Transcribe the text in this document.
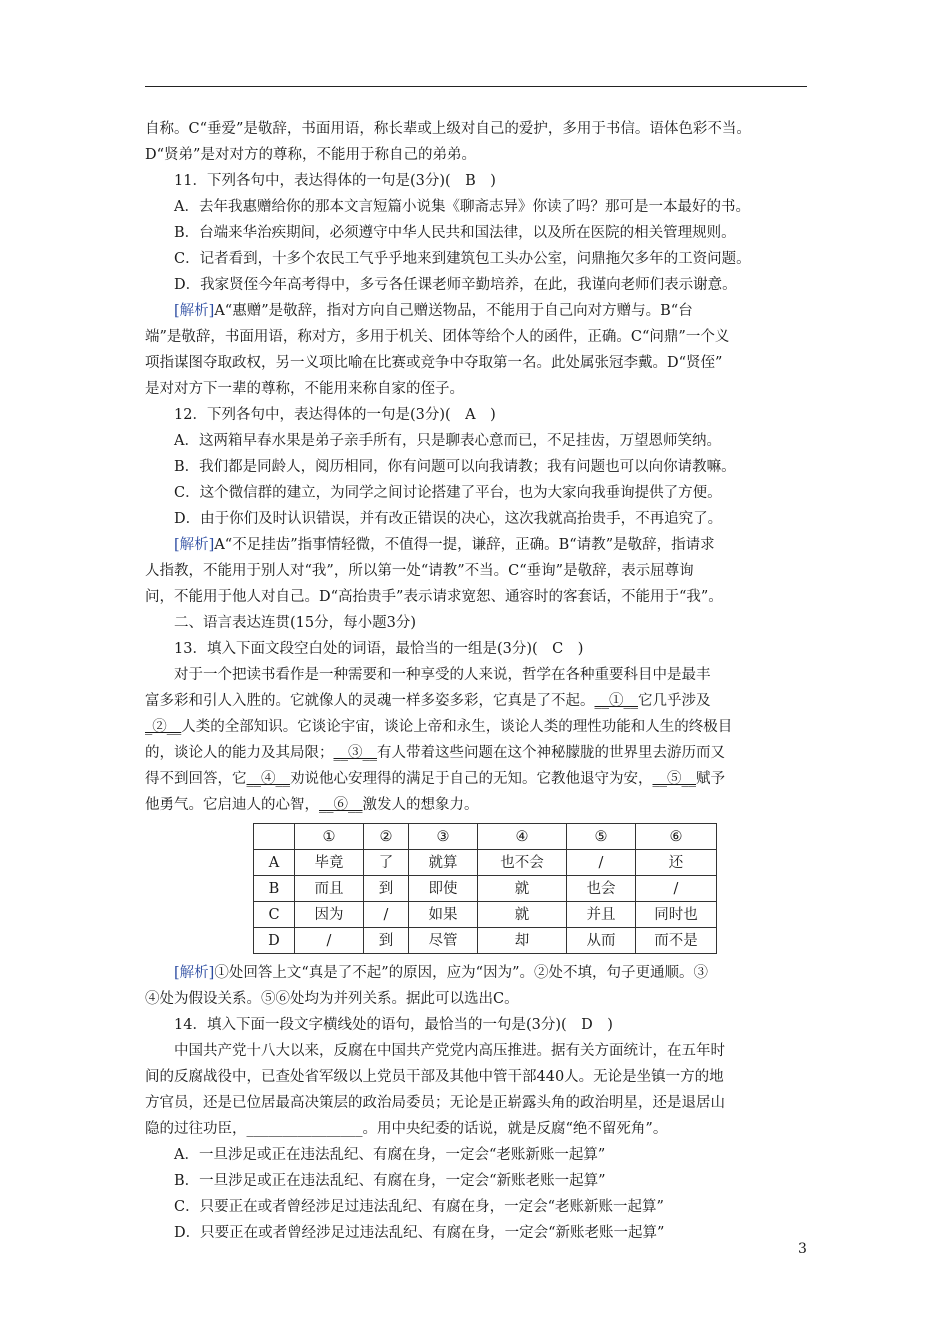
自称。C“垂爱”是敬辞，书面用语，称长辈或上级对自己的爱护，多用于书信。语体色彩不当。

D“贤弟”是对对方的尊称，不能用于称自己的弟弟。

11．下列各句中，表达得体的一句是(3分)(　B　)

A．去年我惠赠给你的那本文言短篇小说集《聊斋志异》你读了吗？那可是一本最好的书。

B．台端来华治疾期间，必须遵守中华人民共和国法律，以及所在医院的相关管理规则。

C．记者看到，十多个农民工气乎乎地来到建筑包工头办公室，问鼎拖欠多年的工资问题。

D．我家贤侄今年高考得中，多亏各任课老师辛勤培养，在此，我谨向老师们表示谢意。

[解析]A“惠赠”是敬辞，指对方向自己赠送物品，不能用于自己向对方赠与。B“台

端”是敬辞，书面用语，称对方，多用于机关、团体等给个人的函件，正确。C“问鼎”一个义

项指谋图夺取政权，另一义项比喻在比赛或竞争中夺取第一名。此处属张冠李戴。D“贤侄”

是对对方下一辈的尊称，不能用来称自家的侄子。

12．下列各句中，表达得体的一句是(3分)(　A　)

A．这两箱早春水果是弟子亲手所有，只是聊表心意而已，不足挂齿，万望恩师笑纳。

B．我们都是同龄人，阅历相同，你有问题可以向我请教；我有问题也可以向你请教嘛。

C．这个微信群的建立，为同学之间讨论搭建了平台，也为大家向我垂询提供了方便。

D．由于你们及时认识错误，并有改正错误的决心，这次我就高抬贵手，不再追究了。

[解析]A“不足挂齿”指事情轻微，不值得一提，谦辞，正确。B“请教”是敬辞，指请求

人指教，不能用于别人对“我”，所以第一处“请教”不当。C“垂询”是敬辞，表示屈尊询

问，不能用于他人对自己。D“高抬贵手”表示请求宽恕、通容时的客套话，不能用于“我”。

二、语言表达连贯(15分，每小题3分)

13．填入下面文段空白处的词语，最恰当的一组是(3分)(　C　)

对于一个把读书看作是一种需要和一种享受的人来说，哲学在各种重要科目中是最丰

富多彩和引人入胜的。它就像人的灵魂一样多姿多彩，它真是了不起。__①__它几乎涉及

_②__人类的全部知识。它谈论宇宙，谈论上帝和永生，谈论人类的理性功能和人生的终极目

的，谈论人的能力及其局限；__③__有人带着这些问题在这个神秘朦胧的世界里去游历而又

得不到回答，它__④__劝说他心安理得的满足于自己的无知。它教他退守为安，__⑤__赋予

他勇气。它启迪人的心智，__⑥__激发人的想象力。

	①	②	③	④	⑤	⑥
A	毕竟	了	就算	也不会	/	还
B	而且	到	即使	就	也会	/
C	因为	/	如果	就	并且	同时也
D	/	到	尽管	却	从而	而不是

[解析]①处回答上文“真是了不起”的原因，应为“因为”。②处不填，句子更通顺。③

④处为假设关系。⑤⑥处均为并列关系。据此可以选出C。

14．填入下面一段文字横线处的语句，最恰当的一句是(3分)(　D　)

中国共产党十八大以来，反腐在中国共产党党内高压推进。据有关方面统计，在五年时

间的反腐战役中，已查处省军级以上党员干部及其他中管干部440人。无论是坐镇一方的地

方官员，还是已位居最高决策层的政治局委员；无论是正崭露头角的政治明星，还是退居山

隐的过往功臣，________________。用中央纪委的话说，就是反腐“绝不留死角”。

A．一旦涉足或正在违法乱纪、有腐在身，一定会“老账新账一起算”

B．一旦涉足或正在违法乱纪、有腐在身，一定会“新账老账一起算”

C．只要正在或者曾经涉足过违法乱纪、有腐在身，一定会“老账新账一起算”

D．只要正在或者曾经涉足过违法乱纪、有腐在身，一定会“新账老账一起算”

3
